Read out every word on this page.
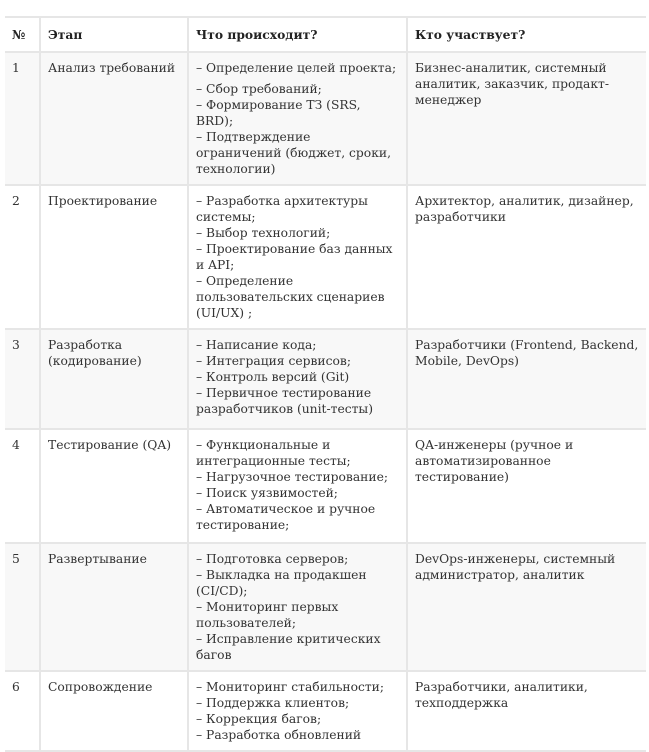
№	Этап	Что происходит?	Кто участвует?
1	Анализ требований	– Определение целей проекта;
– Сбор требований;
– Формирование ТЗ (SRS, BRD);
– Подтверждение ограничений (бюджет, сроки, технологии)	Бизнес-аналитик, системный аналитик, заказчик, продакт-менеджер
2	Проектирование	– Разработка архитектуры системы;
– Выбор технологий;
– Проектирование баз данных и API;
– Определение пользовательских сценариев (UI/UX) ;	Архитектор, аналитик, дизайнер, разработчики
3	Разработка (кодирование)	– Написание кода;
– Интеграция сервисов;
– Контроль версий (Git)
– Первичное тестирование разработчиков (unit-тесты)	Разработчики (Frontend, Backend, Mobile, DevOps)
4	Тестирование (QA)	– Функциональные и интеграционные тесты;
– Нагрузочное тестирование;
– Поиск уязвимостей;
– Автоматическое и ручное тестирование;	QA-инженеры (ручное и автоматизированное тестирование)
5	Развертывание	– Подготовка серверов;
– Выкладка на продакшен (CI/CD);
– Мониторинг первых пользователей;
– Исправление критических багов	DevOps-инженеры, системный администратор, аналитик
6	Сопровождение	– Мониторинг стабильности;
– Поддержка клиентов;
– Коррекция багов;
– Разработка обновлений	Разработчики, аналитики, техподдержка
